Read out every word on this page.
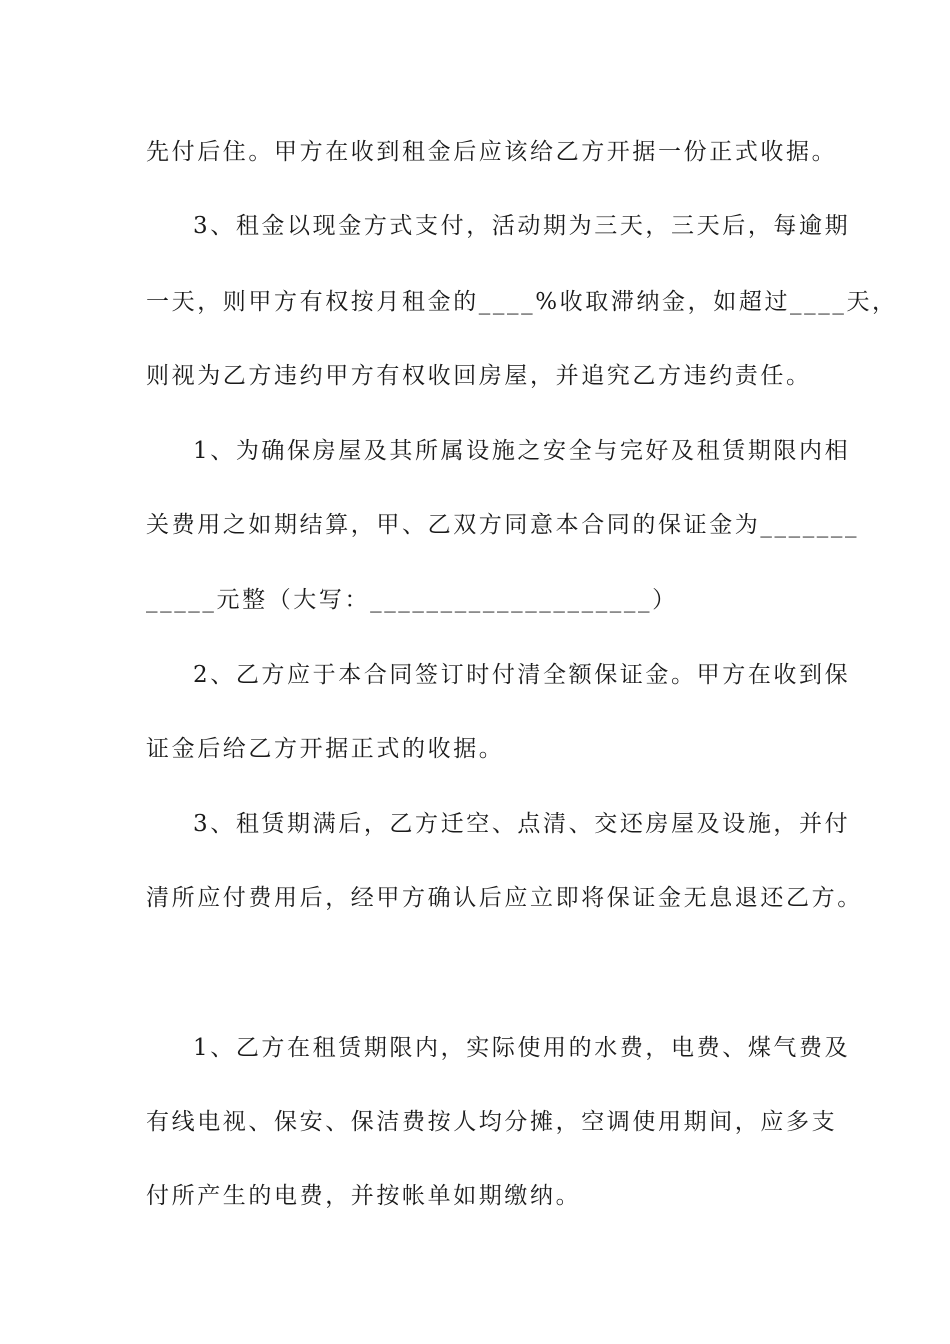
先付后住。甲方在收到租金后应该给乙方开据一份正式收据。
3、租金以现金方式支付，活动期为三天，三天后，每逾期
一天，则甲方有权按月租金的____%收取滞纳金，如超过____天，
则视为乙方违约甲方有权收回房屋，并追究乙方违约责任。
1、为确保房屋及其所属设施之安全与完好及租赁期限内相
关费用之如期结算，甲、乙双方同意本合同的保证金为_______
_____元整（大写：____________________）
2、乙方应于本合同签订时付清全额保证金。甲方在收到保
证金后给乙方开据正式的收据。
3、租赁期满后，乙方迁空、点清、交还房屋及设施，并付
清所应付费用后，经甲方确认后应立即将保证金无息退还乙方。
1、乙方在租赁期限内，实际使用的水费，电费、煤气费及
有线电视、保安、保洁费按人均分摊，空调使用期间，应多支
付所产生的电费，并按帐单如期缴纳。
